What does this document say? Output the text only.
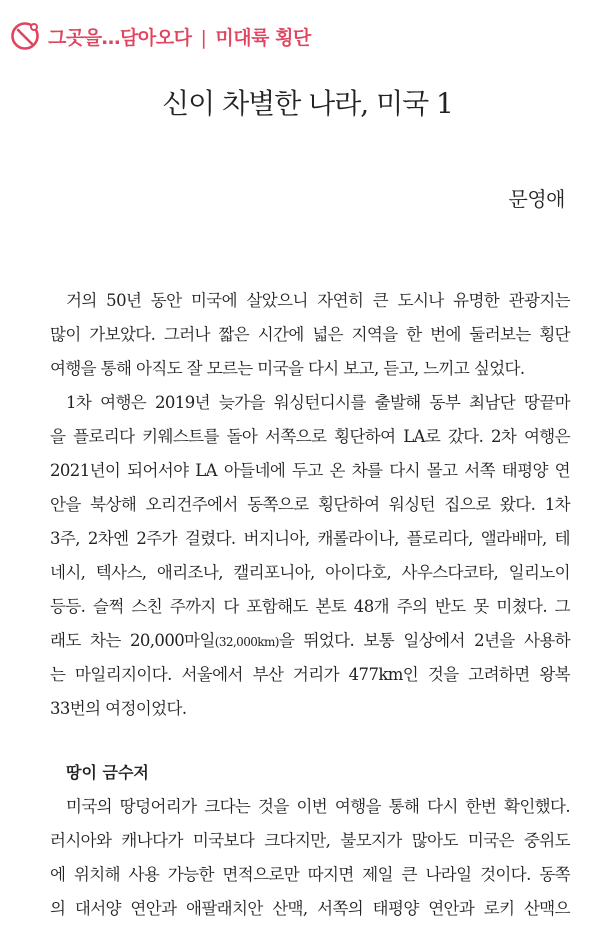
그곳을…담아오다 | 미대륙 횡단
신이 차별한 나라, 미국 1
문영애
거의 50년 동안 미국에 살았으니 자연히 큰 도시나 유명한 관광지는
많이 가보았다. 그러나 짧은 시간에 넓은 지역을 한 번에 둘러보는 횡단
여행을 통해 아직도 잘 모르는 미국을 다시 보고, 듣고, 느끼고 싶었다.
1차 여행은 2019년 늦가을 워싱턴디시를 출발해 동부 최남단 땅끝마
을 플로리다 키웨스트를 돌아 서쪽으로 횡단하여 LA로 갔다. 2차 여행은
2021년이 되어서야 LA 아들네에 두고 온 차를 다시 몰고 서쪽 태평양 연
안을 북상해 오리건주에서 동쪽으로 횡단하여 워싱턴 집으로 왔다. 1차
3주, 2차엔 2주가 걸렸다. 버지니아, 캐롤라이나, 플로리다, 앨라배마, 테
네시, 텍사스, 애리조나, 캘리포니아, 아이다호, 사우스다코타, 일리노이
등등. 슬쩍 스친 주까지 다 포함해도 본토 48개 주의 반도 못 미쳤다. 그
래도 차는 20,000마일(32,000km)을 뛰었다. 보통 일상에서 2년을 사용하
는 마일리지이다. 서울에서 부산 거리가 477km인 것을 고려하면 왕복
33번의 여정이었다.
땅이 금수저
미국의 땅덩어리가 크다는 것을 이번 여행을 통해 다시 한번 확인했다.
러시아와 캐나다가 미국보다 크다지만, 불모지가 많아도 미국은 중위도
에 위치해 사용 가능한 면적으로만 따지면 제일 큰 나라일 것이다. 동쪽
의 대서양 연안과 애팔래치안 산맥, 서쪽의 태평양 연안과 로키 산맥으
